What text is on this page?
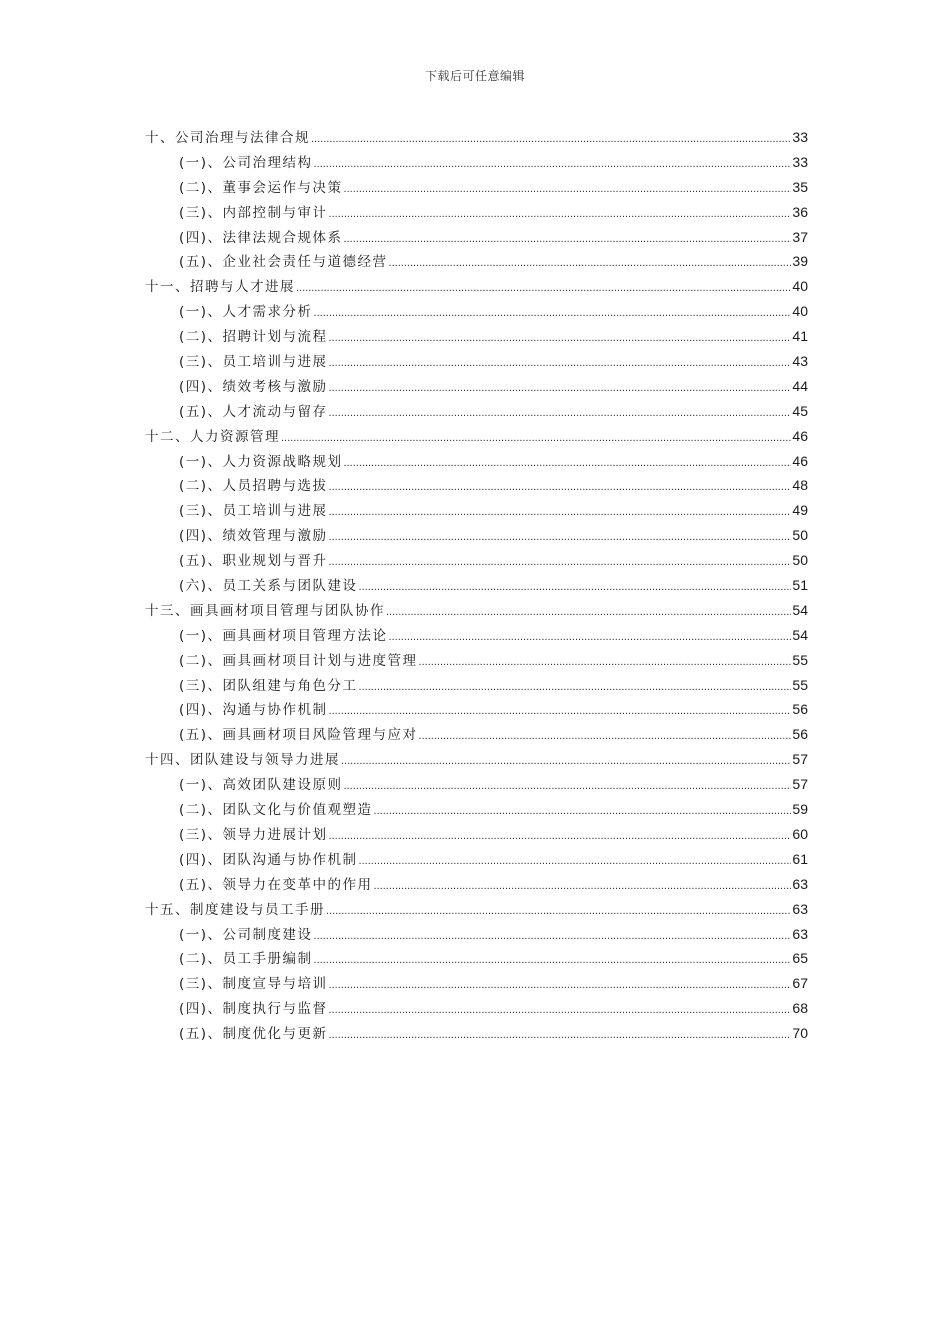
下载后可任意编辑
十、公司治理与法律合规 .....	33
(一)、公司治理结构 .....	33
(二)、董事会运作与决策 .....	35
(三)、内部控制与审计 .....	36
(四)、法律法规合规体系 .....	37
(五)、企业社会责任与道德经营 .....	39
十一、招聘与人才进展 .....	40
(一)、人才需求分析 .....	40
(二)、招聘计划与流程 .....	41
(三)、员工培训与进展 .....	43
(四)、绩效考核与激励 .....	44
(五)、人才流动与留存 .....	45
十二、人力资源管理 .....	46
(一)、人力资源战略规划 .....	46
(二)、人员招聘与选拔 .....	48
(三)、员工培训与进展 .....	49
(四)、绩效管理与激励 .....	50
(五)、职业规划与晋升 .....	50
(六)、员工关系与团队建设 .....	51
十三、画具画材项目管理与团队协作 .....	54
(一)、画具画材项目管理方法论 .....	54
(二)、画具画材项目计划与进度管理 .....	55
(三)、团队组建与角色分工 .....	55
(四)、沟通与协作机制 .....	56
(五)、画具画材项目风险管理与应对 .....	56
十四、团队建设与领导力进展 .....	57
(一)、高效团队建设原则 .....	57
(二)、团队文化与价值观塑造 .....	59
(三)、领导力进展计划 .....	60
(四)、团队沟通与协作机制 .....	61
(五)、领导力在变革中的作用 .....	63
十五、制度建设与员工手册 .....	63
(一)、公司制度建设 .....	63
(二)、员工手册编制 .....	65
(三)、制度宣导与培训 .....	67
(四)、制度执行与监督 .....	68
(五)、制度优化与更新 .....	70
